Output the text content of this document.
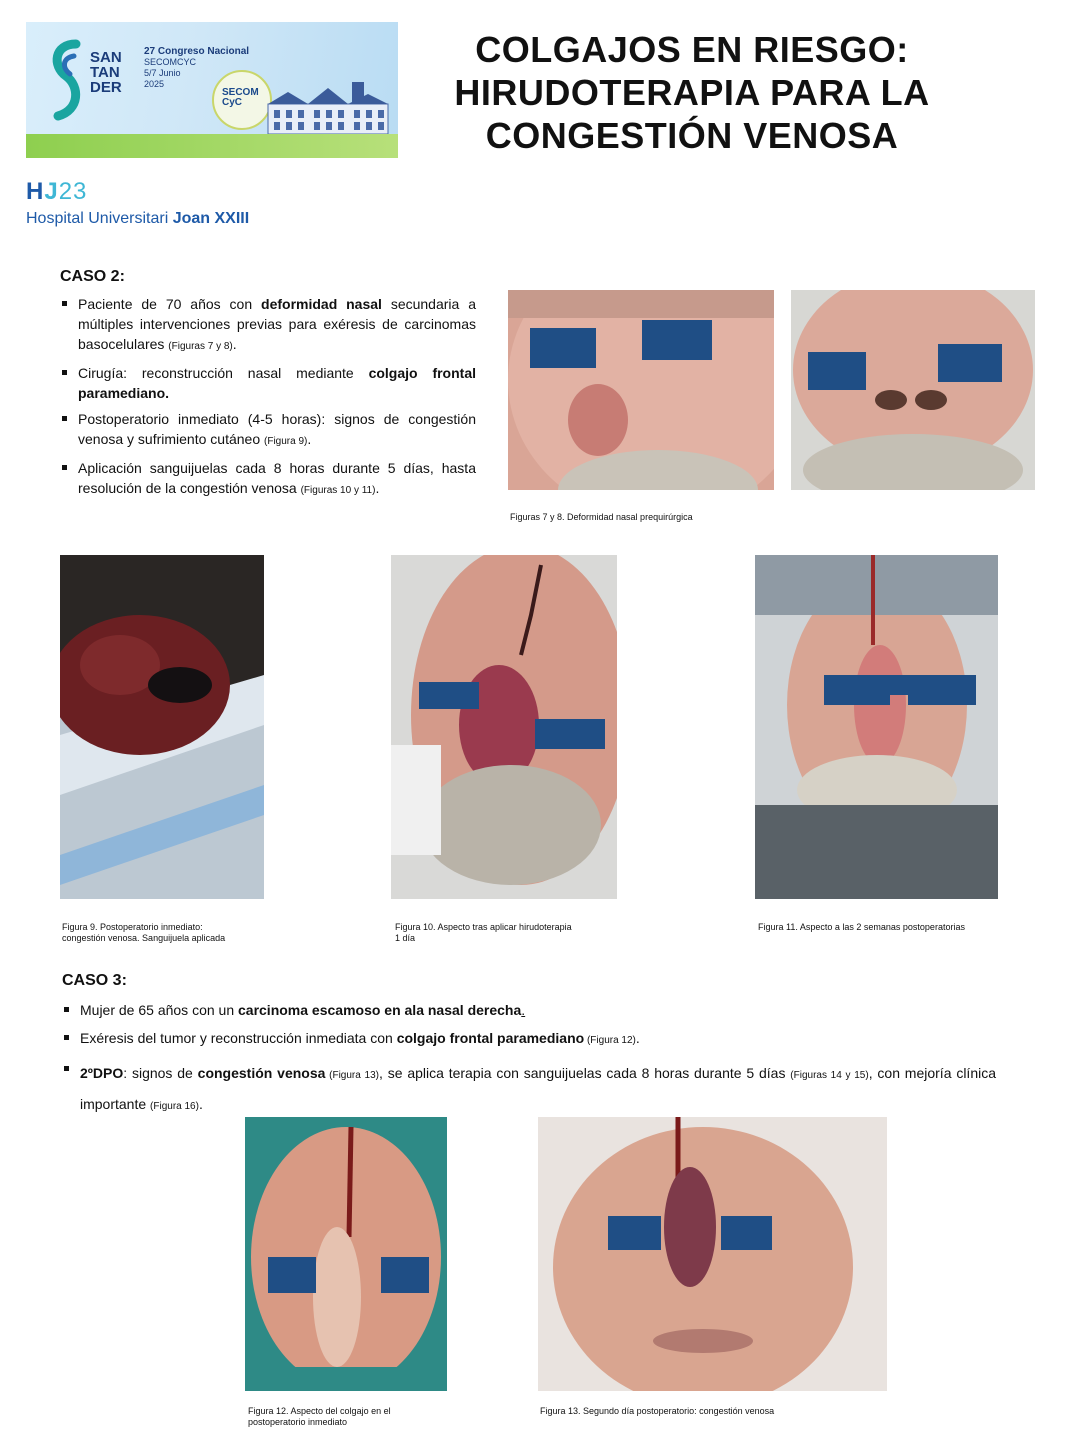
SAN
TAN
DER
27 Congreso Nacional
SECOMCYC
5/7 Junio
2025
SECOM
CyC
COLGAJOS EN RIESGO:
HIRUDOTERAPIA PARA LA
CONGESTIÓN VENOSA
HJ23
Hospital Universitari Joan XXIII
CASO 2:
Paciente de 70 años con deformidad nasal secundaria a múltiples intervenciones previas para exéresis de carcinomas basocelulares (Figuras 7 y 8).
Cirugía: reconstrucción nasal mediante colgajo frontal paramediano.
Postoperatorio inmediato (4-5 horas): signos de congestión venosa y sufrimiento cutáneo (Figura 9).
Aplicación sanguijuelas cada 8 horas durante 5 días, hasta resolución de la congestión venosa (Figuras 10 y 11).
Figuras 7 y 8. Deformidad nasal prequirúrgica
Figura 9. Postoperatorio inmediato:
congestión venosa. Sanguijuela aplicada
Figura 10. Aspecto tras aplicar hirudoterapia
1 día
Figura 11. Aspecto a las 2 semanas postoperatorias
CASO 3:
Mujer de 65 años con un carcinoma escamoso en ala nasal derecha.
Exéresis del tumor y reconstrucción inmediata con colgajo frontal paramediano (Figura 12).
2ºDPO: signos de congestión venosa (Figura 13), se aplica terapia con sanguijuelas cada 8 horas durante 5 días (Figuras 14 y 15), con mejoría clínica importante (Figura 16).
Figura 12. Aspecto del colgajo en el
postoperatorio inmediato
Figura 13. Segundo día postoperatorio: congestión venosa
